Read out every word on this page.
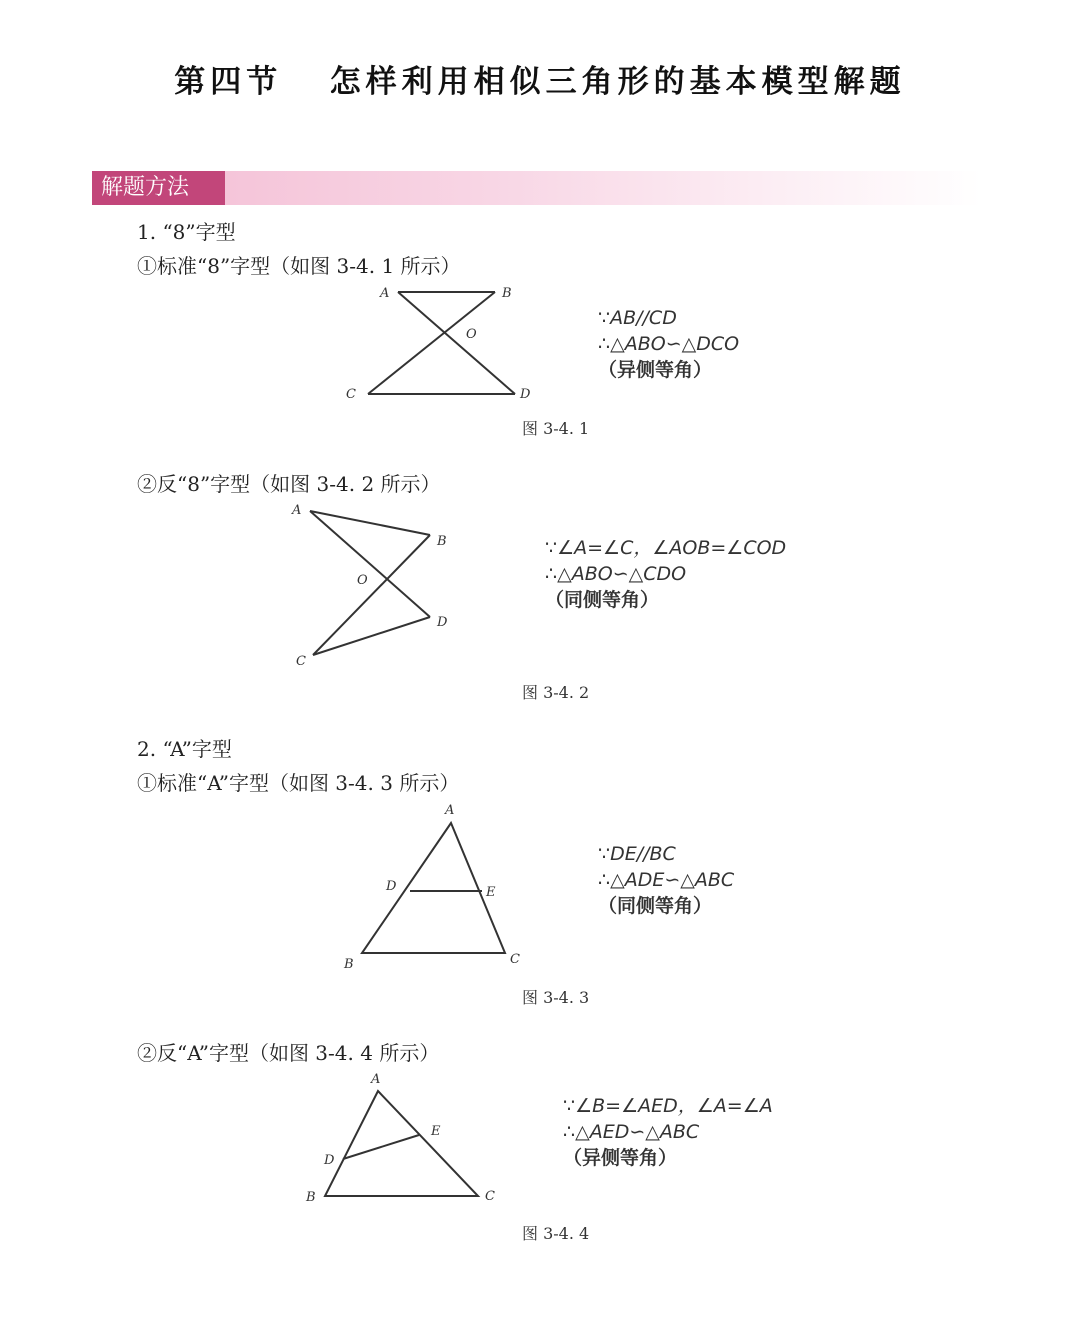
第四节   怎样利用相似三角形的基本模型解题
解题方法
1. “8”字型
①标准“8”字型（如图 3-4. 1 所示）
A	B
O
C	D
∵AB//CD
∴△ABO∽△DCO
（异侧等角）
图 3-4. 1
②反“8”字型（如图 3-4. 2 所示）
A
B
O
C
D
∵∠A=∠C，∠AOB=∠COD
∴△ABO∽△CDO
（同侧等角）
图 3-4. 2
2. “A”字型
①标准“A”字型（如图 3-4. 3 所示）
A
D	E
B	C
∵DE//BC
∴△ADE∽△ABC
（同侧等角）
图 3-4. 3
②反“A”字型（如图 3-4. 4 所示）
A
D
E
B	C
∵∠B=∠AED，∠A=∠A
∴△AED∽△ABC
（异侧等角）
图 3-4. 4
